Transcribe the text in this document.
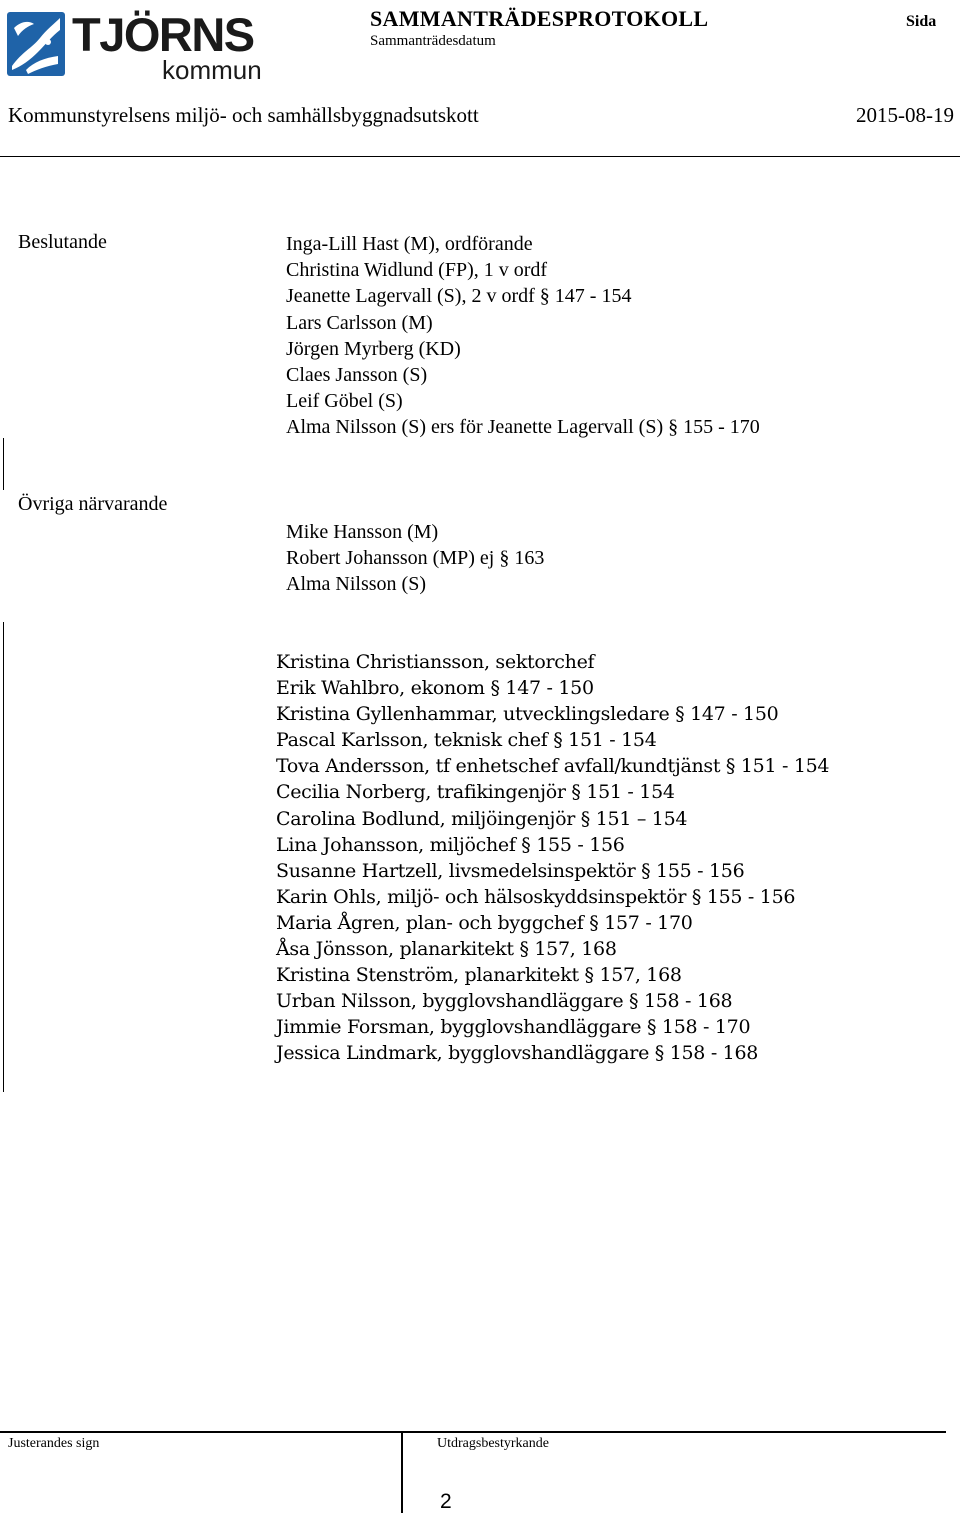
TJÖRNS
kommun
SAMMANTRÄDESPROTOKOLL
Sammanträdesdatum
Sida
Kommunstyrelsens miljö- och samhällsbyggnadsutskott	2015-08-19
Beslutande	Inga-Lill Hast (M), ordförande
Christina Widlund (FP), 1 v ordf
Jeanette Lagervall (S), 2 v ordf § 147 - 154
Lars Carlsson (M)
Jörgen Myrberg (KD)
Claes Jansson (S)
Leif Göbel (S)
Alma Nilsson (S) ers för Jeanette Lagervall (S) § 155 - 170
Övriga närvarande
Mike Hansson (M)
Robert Johansson (MP) ej § 163
Alma Nilsson (S)
Kristina Christiansson, sektorchef
Erik Wahlbro, ekonom § 147 - 150
Kristina Gyllenhammar, utvecklingsledare § 147 - 150
Pascal Karlsson, teknisk chef § 151 - 154
Tova Andersson, tf enhetschef avfall/kundtjänst § 151 - 154
Cecilia Norberg, trafikingenjör § 151 - 154
Carolina Bodlund, miljöingenjör § 151 – 154
Lina Johansson, miljöchef § 155 - 156
Susanne Hartzell, livsmedelsinspektör § 155 - 156
Karin Ohls, miljö- och hälsoskyddsinspektör § 155 - 156
Maria Ågren, plan- och byggchef § 157 - 170
Åsa Jönsson, planarkitekt § 157, 168
Kristina Stenström, planarkitekt § 157, 168
Urban Nilsson, bygglovshandläggare § 158 - 168
Jimmie Forsman, bygglovshandläggare § 158 - 170
Jessica Lindmark, bygglovshandläggare § 158 - 168
Justerandes sign	Utdragsbestyrkande
2
